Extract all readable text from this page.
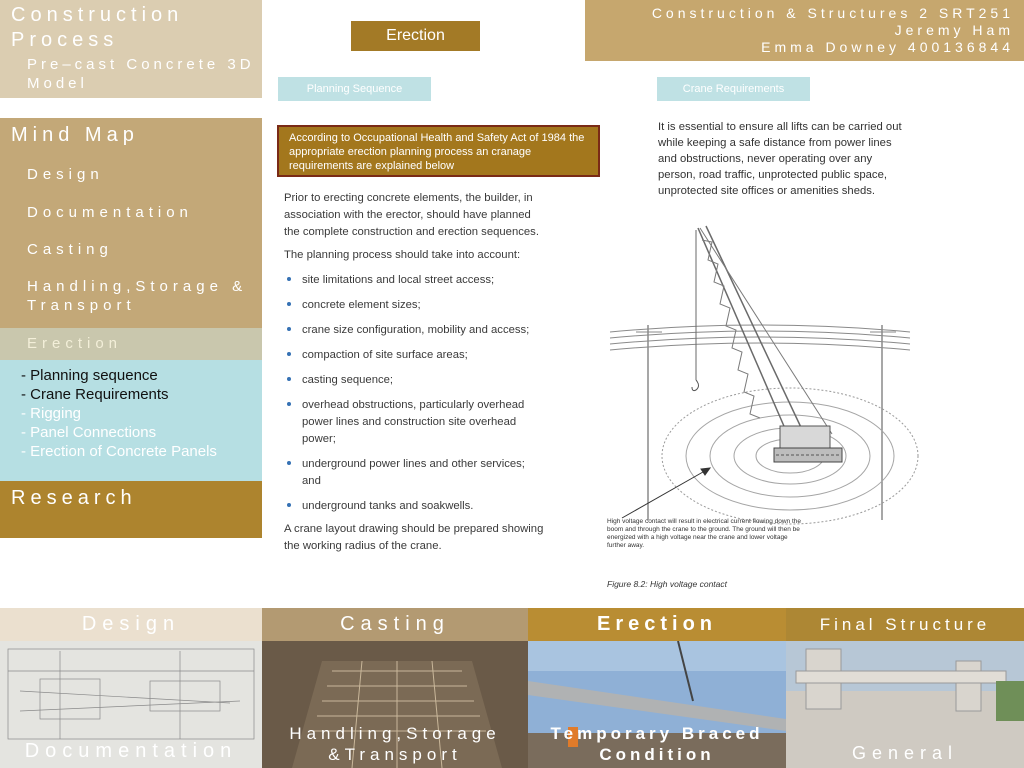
Construction
Process
Pre–cast Concrete 3D Model
Construction & Structures 2 SRT251
Jeremy Ham
Emma Downey 400136844
Erection
Planning Sequence	Crane Requirements
Mind Map
Design
Documentation
Casting
Handling,Storage & Transport
Erection
- Planning sequence
- Crane Requirements
- Rigging
- Panel Connections
- Erection of Concrete Panels
Research
According to Occupational Health and Safety Act of 1984 the appropriate erection planning process an cranage requirements are explained below

Prior to erecting concrete elements, the builder, in association with the erector, should have planned the complete construction and erection sequences.

The planning process should take into account:

• site limitations and local street access;
• concrete element sizes;
• crane size configuration, mobility and access;
• compaction of site surface areas;
• casting sequence;
• overhead obstructions, particularly overhead power lines and construction site overhead power;
• underground power lines and other services; and
• underground tanks and soakwells.

A crane layout drawing should be prepared showing the working radius of the crane.

It is essential to ensure all lifts can be carried out while keeping a safe distance from power lines and obstructions, never operating over any person, road traffic, unprotected public space, unprotected site offices or amenities sheds.
High voltage contact will result in electrical current flowing down the boom and through the crane to the ground. The ground will then be energized with a high voltage near the crane and lower voltage further away.
Figure 8.2: High voltage contact
Design	Casting	Erection	Final Structure
Documentation
Handling,Storage &Transport
Temporary Braced Condition	General
